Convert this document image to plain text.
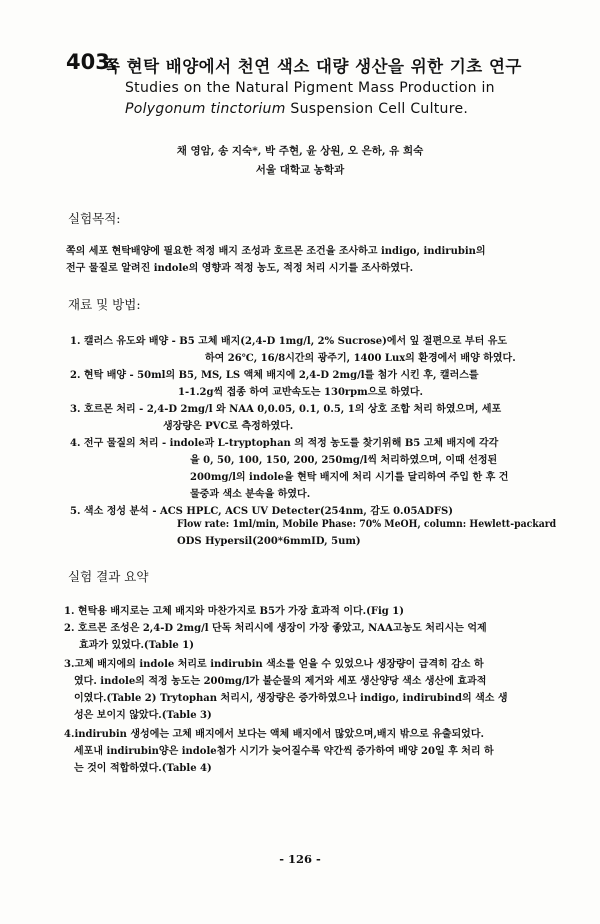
403.
쪽 현탁 배양에서 천연 색소 대량 생산을 위한 기초 연구
Studies on the Natural Pigment Mass Production in
Polygonum tinctorium Suspension Cell Culture.
채 영암, 송 지숙*, 박 주현, 윤 상원, 오 은하, 유 희숙
서울 대학교 농학과
실험목적:
쪽의 세포 현탁배양에 필요한 적정 배지 조성과 호르몬 조건을 조사하고 indigo, indirubin의
전구 물질로 알려진 indole의 영향과 적정 농도, 적정 처리 시기를 조사하였다.
재료 및 방법:
1. 캘러스 유도와 배양 - B5 고체 배지(2,4-D 1mg/l, 2% Sucrose)에서 잎 절편으로 부터 유도
하여 26℃, 16/8시간의 광주기, 1400 Lux의 환경에서 배양 하였다.
2. 현탁 배양 - 50ml의 B5, MS, LS 액체 배지에 2,4-D 2mg/l를 첨가 시킨 후, 캘러스를
1-1.2g씩 접종 하여 교반속도는 130rpm으로 하였다.
3. 호르몬 처리 - 2,4-D 2mg/l 와 NAA 0,0.05, 0.1, 0.5, 1의 상호 조합 처리 하였으며, 세포
생장량은 PVC로 측정하였다.
4. 전구 물질의 처리 - indole과 L-tryptophan 의 적정 농도를 찾기위해 B5 고체 배지에 각각
을 0, 50, 100, 150, 200, 250mg/l씩 처리하였으며, 이때 선정된
200mg/l의 indole을 현탁 배지에 처리 시기를 달리하여 주입 한 후 건
물중과 색소 분속을 하였다.
5. 색소 정성 분석 - ACS HPLC, ACS UV Detecter(254nm, 감도 0.05ADFS)
Flow rate: 1ml/min, Mobile Phase: 70% MeOH, column: Hewlett-packard
ODS Hypersil(200*6mmID, 5um)
실험 결과 요약
1. 현탁용 배지로는 고체 배지와 마찬가지로 B5가 가장 효과적 이다.(Fig 1)
2. 호르몬 조성은 2,4-D 2mg/l 단독 처리시에 생장이 가장 좋았고, NAA고농도 처리시는 억제
효과가 있었다.(Table 1)
3.고체 배지에의 indole 처리로 indirubin 색소를 얻을 수 있었으나 생장량이 급격히 감소 하
였다. indole의 적정 농도는 200mg/l가 불순물의 제거와 세포 생산양당 색소 생산에 효과적
이였다.(Table 2) Trytophan 처리시, 생장량은 증가하였으나 indigo, indirubind의 색소 생
성은 보이지 않았다.(Table 3)
4.indirubin 생성에는 고체 배지에서 보다는 액체 배지에서 많았으며,배지 밖으로 유출되었다.
세포내 indirubin양은 indole첨가 시기가 늦어질수록 약간씩 증가하여 배양 20일 후 처리 하
는 것이 적합하였다.(Table 4)
- 126 -
